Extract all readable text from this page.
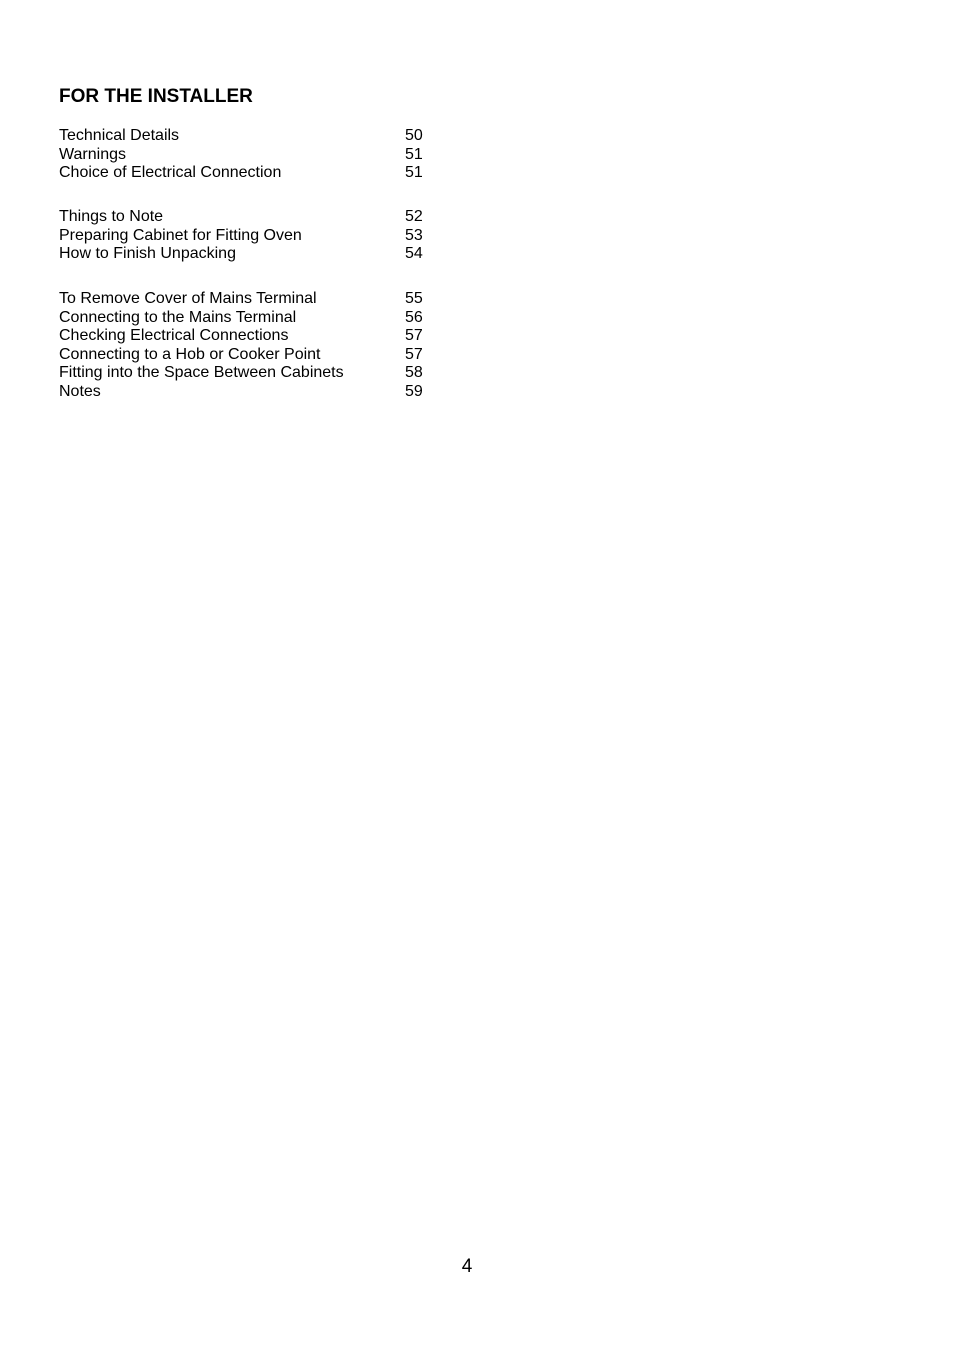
FOR THE INSTALLER
Technical Details	50
Warnings	51
Choice of Electrical Connection	51
Things to Note	52
Preparing Cabinet for Fitting Oven	53
How to Finish Unpacking	54
To Remove Cover of Mains Terminal	55
Connecting to the Mains Terminal	56
Checking Electrical Connections	57
Connecting to a Hob or Cooker Point	57
Fitting into the Space Between Cabinets	58
Notes	59
4
